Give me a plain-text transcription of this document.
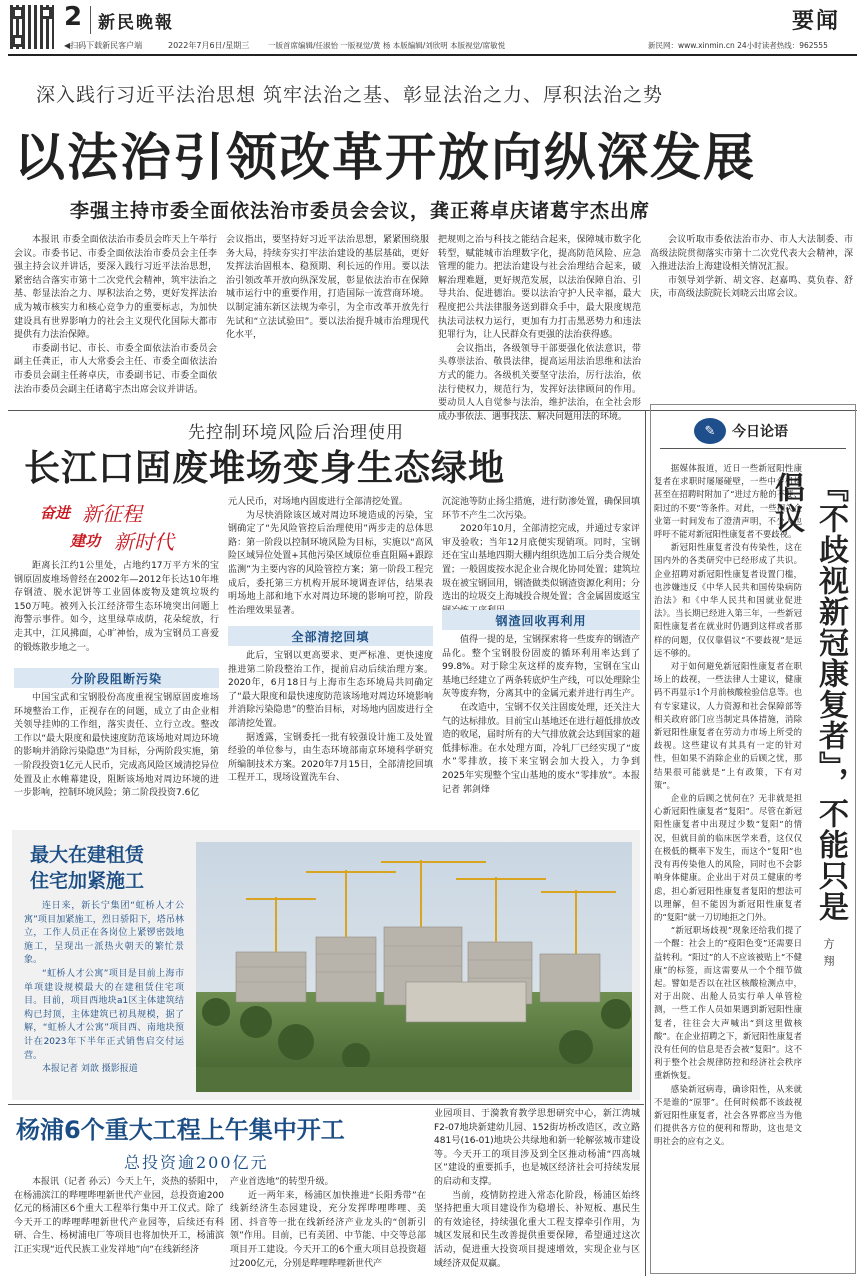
2 新民晚報	要闻
◀扫码下载新民客户端	2022年7月6日/星期三	一版首席编辑/任淑怡 一版视觉/黄 杨 本版编辑/刘欣明 本版视觉/席敏悦	新民网：www.xinmin.cn 24小时读者热线：962555
深入践行习近平法治思想 筑牢法治之基、彰显法治之力、厚积法治之势
以法治引领改革开放向纵深发展
李强主持市委全面依法治市委员会会议，龚正蒋卓庆诸葛宇杰出席

本报讯 市委全面依法治市委员会昨天上午举行会议。市委书记、市委全面依法治市委员会主任李强主持会议并讲话，要深入践行习近平法治思想，紧密结合落实市第十二次党代会精神，筑牢法治之基、彰显法治之力、厚积法治之势，更好发挥法治成为城市核实力和核心竞争力的重要标志，为加快建设具有世界影响力的社会主义现代化国际大都市提供有力法治保障。

市委副书记、市长、市委全面依法治市委员会副主任龚正，市人大常委会主任、市委全面依法治市委员会副主任蒋卓庆，市委副书记、市委全面依法治市委员会副主任诸葛宇杰出席会议并讲话。

会议指出，要坚持好习近平法治思想，紧紧围绕服务大局，持续夯实打牢法治建设的基层基础，更好发挥法治固根本、稳预期、利长远的作用。要以法治引领改革开放向纵深发展，彰显依法治市在保障城市运行中的重要作用，打造国际一流营商环境。以制定浦东新区法规为牵引，为全市改革开放先行先试和“立法试验田”。要以法治提升城市治理现代化水平，

把规则之治与科技之能结合起来，保障城市数字化转型，赋能城市治理数字化，提高防范风险、应急管理的能力。把法治建设与社会治理结合起来，破解治理难题，更好规范发展，以法治保障自治、引导共治、促进德治。要以法治守护人民幸福，最大程度把公共法律服务送到群众手中，最大限度规范执法司法权力运行，更加有力打击黑恶势力和违法犯罪行为，让人民群众有更强的法治获得感。

会议指出，各级领导干部要强化依法意识，带头尊崇法治、敬畏法律，提高运用法治思维和法治方式的能力。各级机关要坚守法治，厉行法治，依法行使权力，规范行为，发挥好法律顾问的作用。要动员人人自觉参与法治，维护法治，在全社会形成办事依法、遇事找法、解决问题用法的环境。

会议听取市委依法治市办、市人大法制委、市高级法院贯彻落实市第十二次党代表大会精神，深入推进法治上海建设相关情况汇报。

市领导刘学新、胡文容、赵嘉鸣、莫负春、舒庆，市高级法院院长刘晓云出席会议。

先控制环境风险后治理使用
长江口固废堆场变身生态绿地
奋进 新征程
建功 新时代

距离长江约1公里处，占地约17万平方米的宝钢原固废堆场曾经在2002年—2012年长达10年堆存钢渣、脱水泥饼等工业固体废物及建筑垃圾约150万吨。被列入长江经济带生态环境突出问题上海警示事件。如今，这里绿草成荫，花朵绽放，行走其中，江风拂面，心旷神怡，成为宝钢员工喜爱的锻炼散步地之一。

分阶段阻断污染

中国宝武和宝钢股份高度重视宝钢原固废堆场环境整治工作，正视存在的问题，成立了由企业相关领导挂帅的工作组，落实责任、立行立改。整改工作以“最大限度和最快速度防范该场地对周边环境的影响并消除污染隐患”为目标，分两阶段实施，第一阶段投资1亿元人民币，完成高风险区域清挖异位处置及止水帷幕建设，阻断该场地对周边环境的进一步影响，控制环境风险；第二阶段投资7.6亿

元人民币，对场地内固废进行全部清挖处置。

为尽快消除该区域对周边环境造成的污染，宝钢确定了“先风险管控后治理使用”两步走的总体思路：第一阶段以控制环境风险为目标，实施以“高风险区域异位处置+其他污染区域原位垂直阻隔+跟踪监测”为主要内容的风险管控方案；第一阶段工程完成后，委托第三方机构开展环境调查评估，结果表明场地上部和地下水对周边环境的影响可控，阶段性治理效果显著。

全部清挖回填

此后，宝钢以更高要求、更严标准、更快速度推进第二阶段整治工作，提前启动后续治理方案。2020年，6月18日与上海市生态环境局共同确定了“最大限度和最快速度防范该场地对周边环境影响并消除污染隐患”的整治目标，对场地内固废进行全部清挖处置。

据透露，宝钢委托一批有较强设计施工及处置经验的单位参与，由生态环境部南京环境科学研究所编制技术方案。2020年7月15日，全部清挖回填工程开工，现场设置洗车台、

沉淀池等防止扬尘措施，进行防渗处置，确保回填环节不产生二次污染。

2020年10月，全部清挖完成，并通过专家评审及验收；当年12月底便实现销项。同时，宝钢还在宝山基地四期大棚内组织选加工后分类合规处置；一般固废按水泥企业合规化协同处置；建筑垃圾在被宝钢回用，钢渣做类似钢渣资源化利用；分选出的垃圾交上海城投合规处置；含金属固废返宝

钢渣回收再利用

值得一提的是，宝钢探索将一些废弃的钢渣产品化。整个宝钢股份固废的循环利用率达到了99.8%。对于除尘灰这样的废弃物，宝钢在宝山基地已经建立了两条转底炉生产线，可以处理除尘灰等废弃物，分离其中的金属元素并进行再生产。

在改造中，宝钢不仅关注固废处理，还关注大气的达标排放。目前宝山基地还在进行超低排放改造的收尾，届时所有的大气排放就会达到国家的超低排标准。在水处理方面，冷轧厂已经实现了“废水”零排放，接下来宝钢会加大投入，力争到2025年实现整个宝山基地的废水“零排放”。本报记者 郭剑烽

最大在建租赁
住宅加紧施工

连日来，新长宁集团“虹桥人才公寓”项目加紧施工，烈日骄阳下，塔吊林立，工作人员正在各岗位上紧锣密鼓地施工，呈现出一派热火朝天的繁忙景象。

“虹桥人才公寓”项目是目前上海市单项建设规模最大的在建租赁住宅项目。目前，项目西地块a1区主体建筑结构已封顶，主体建筑已初具规模，据了解，“虹桥人才公寓”项目西、南地块预计在2023年下半年正式销售启交付运营。

本报记者 刘歆 摄影报道

杨浦6个重大工程上午集中开工
总投资逾200亿元

本报讯（记者 孙云）今天上午，炎热的骄阳中，在杨浦滨江的哔哩哔哩新世代产业园，总投资逾200亿元的杨浦区6个重大工程举行集中开工仪式。除了今天开工的哔哩哔哩新世代产业园等，后续还有科研、合生、杨树浦电厂等项目也将加快开工，杨浦滨江正实现“近代民族工业发祥地”向“在线新经济

产业首选地”的转型升级。

近一两年来，杨浦区加快推进“长阳秀带”在线新经济生态园建设，充分发挥哔哩哔哩、美团、抖音等一批在线新经济产业龙头的“创新引领”作用。目前，已有美团、中节能、中交等总部项目开工建设。今天开工的6个重大项目总投资超过200亿元，分别是哔哩哔哩新世代产

业园项目、于漪教育教学思想研究中心，新江湾城F2-07地块新建幼儿园、152街坊桥改造区，改立路481号(16-01)地块公共绿地和新一轮解弦城市建设等。今天开工的项目涉及到全区推动杨浦“四高城区”建设的重要抓手，也是城区经济社会可持续发展的启动和支撑。

当前，疫情防控进入常态化阶段，杨浦区始终坚持把重大项目建设作为稳增长、补短板、惠民生的有效途径，持续强化重大工程支撑牵引作用，为城区发展和民生改善提供重要保障，希望通过这次活动，促进重大投资项目提速增效，实现企业与区域经济双促双赢。

✎	今日论语
『不歧视新冠康复者』，不能只是倡议
方翔

据媒体报道，近日一些新冠阳性康复者在求职时屡屡碰壁，一些中介机构甚至在招聘时附加了“进过方舱的不要、阳过的不要”等条件。对此，一些相关企业第一时间发布了澄清声明，不少人也呼吁不能对新冠阳性康复者不要歧视。

新冠阳性康复者没有传染性，这在国内外的各类研究中已经形成了共识。企业招聘对新冠阳性康复者设置门槛，也涉嫌违反《中华人民共和国传染病防治法》和《中华人民共和国就业促进法》。当长期已经进入第三年，一些新冠阳性康复者在就业时仍遇到这样或者那样的问题，仅仅靠倡议“不要歧视”是远远不够的。

对于如何避免新冠阳性康复者在职场上的歧视，一些法律人士建议，健康码不再显示1个月前核酸检验信息等。也有专家建议，人力资源和社会保障部等相关政府部门应当制定具体措施，消除新冠阳性康复者在劳动力市场上所受的歧视。这些建议有其具有一定的针对性，但如果不消除企业的后顾之忧，那结果很可能就是“上有政策，下有对策”。

企业的后顾之忧何在？无非就是担心新冠阳性康复者“复阳”。尽管在新冠阳性康复者中出现过少数“复阳”的情况，但就目前的临床医学来看，这仅仅在极低的概率下发生，而这个“复阳”也没有再传染他人的风险，同时也不会影响身体健康。企业出于对员工健康的考虑，担心新冠阳性康复者复阳的想法可以理解，但不能因为新冠阳性康复者的“复阳”就一刀切地拒之门外。

“新冠职场歧视”现象还给我们提了一个醒：社会上的“疫阳色变”还需要日益转利。“阳过”的人不应该被贴上“不健康”的标签，而这需要从一个个细节做起。譬如是否以在社区核酸检测点中，对于出院、出舱人员实行单人单管检测，一些工作人员如果遇到新冠阳性康复者，往往会大声喊出“到这里做核酸”。在企业招聘之下，新冠阳性康复者没有任何的信息是否会被“复阳”。这不利于整个社会规律防控和经济社会秩序重新恢复。

感染新冠病毒，确诊阳性，从来就不是谁的“原罪”。任何时候都不该歧视新冠阳性康复者，社会各界都应当为他们提供各方位的便利和帮助，这也是文明社会的应有之义。
